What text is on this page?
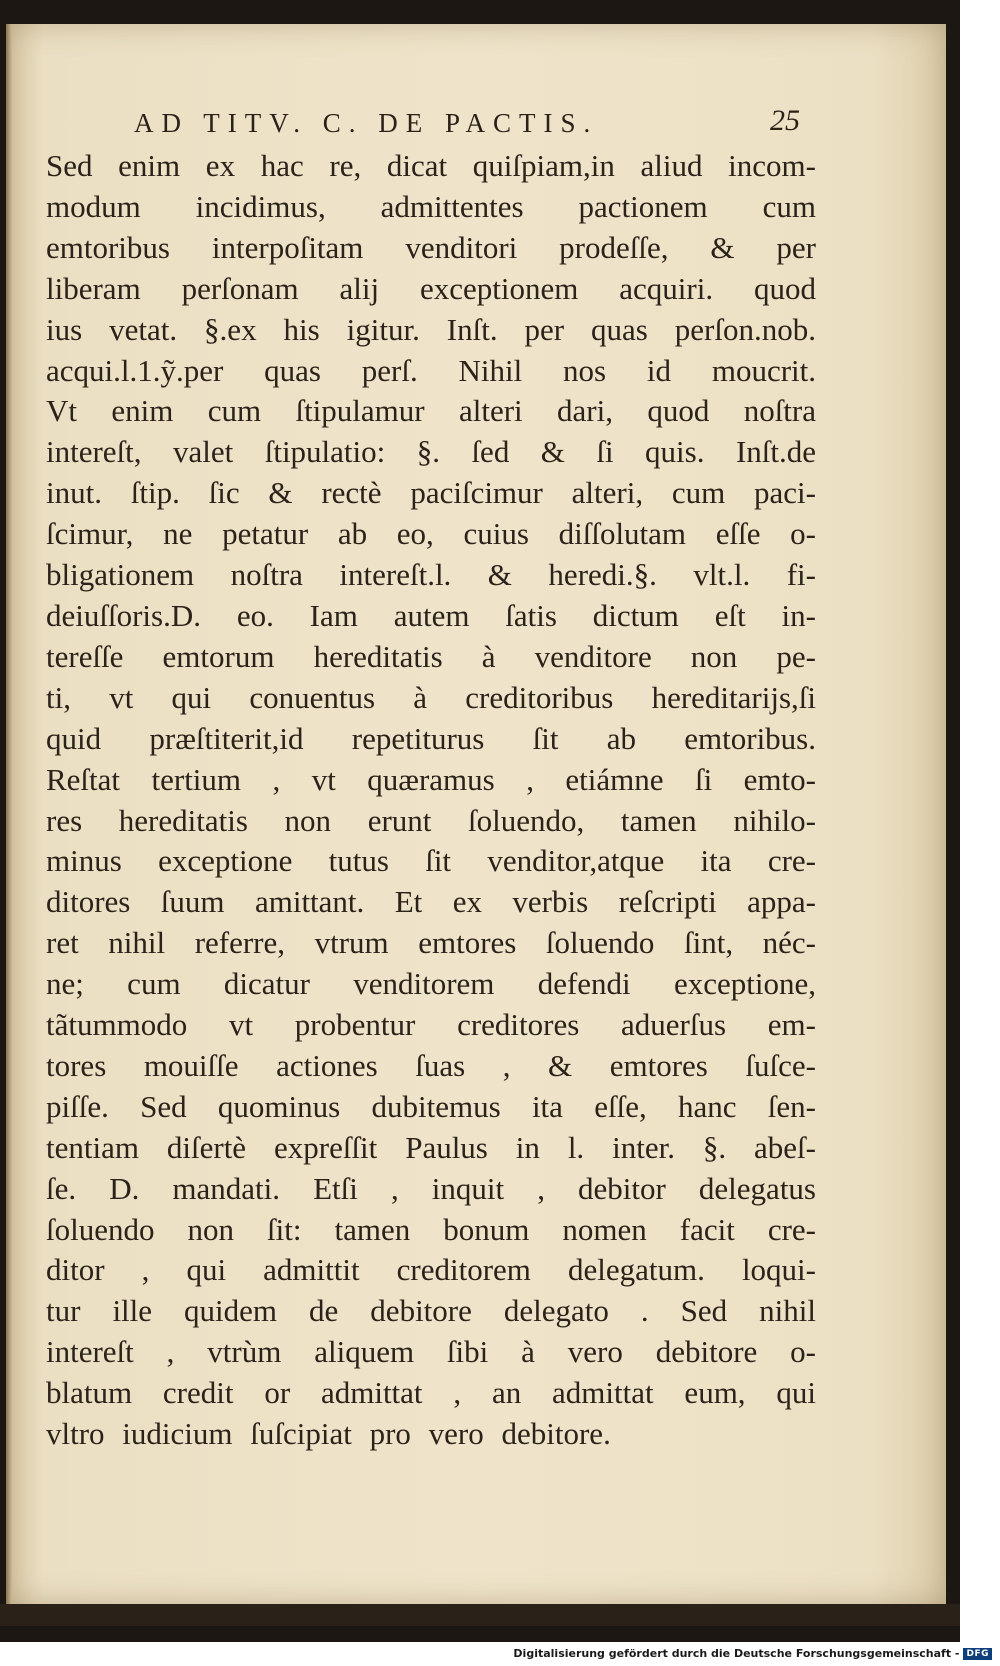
AD TITV. C. DE PACTIS.	25
Sed enim ex hac re, dicat quiſpiam,in aliud incom-
modum incidimus, admittentes pactionem cum
emtoribus interpoſitam venditori prodeſſe, & per
liberam perſonam alij exceptionem acquiri. quod
ius vetat. §.ex his igitur. Inſt. per quas perſon.nob.
acqui.l.1.ỹ.per quas perſ. Nihil nos id moucrit.
Vt enim cum ſtipulamur alteri dari, quod noſtra
intereſt, valet ſtipulatio: §. ſed & ſi quis. Inſt.de
inut. ſtip. ſic & rectè paciſcimur alteri, cum paci-
ſcimur, ne petatur ab eo, cuius diſſolutam eſſe o-
bligationem noſtra intereſt.l. & heredi.§. vlt.l. fi-
deiuſſoris.D. eo. Iam autem ſatis dictum eſt in-
tereſſe emtorum hereditatis à venditore non pe-
ti, vt qui conuentus à creditoribus hereditarijs,ſi
quid præſtiterit,id repetiturus ſit ab emtoribus.
Reſtat tertium , vt quæramus , etiámne ſi emto-
res hereditatis non erunt ſoluendo, tamen nihilo-
minus exceptione tutus ſit venditor,atque ita cre-
ditores ſuum amittant. Et ex verbis reſcripti appa-
ret nihil referre, vtrum emtores ſoluendo ſint, néc-
ne; cum dicatur venditorem defendi exceptione,
tãtummodo vt probentur creditores aduerſus em-
tores mouiſſe actiones ſuas , & emtores ſuſce-
piſſe. Sed quominus dubitemus ita eſſe, hanc ſen-
tentiam diſertè expreſſit Paulus in l. inter. §. abeſ-
ſe. D. mandati. Etſi , inquit , debitor delegatus
ſoluendo non ſit: tamen bonum nomen facit cre-
ditor , qui admittit creditorem delegatum. loqui-
tur ille quidem de debitore delegato . Sed nihil
intereſt , vtrùm aliquem ſibi à vero debitore o-
blatum credit or admittat , an admittat eum, qui
vltro iudicium ſuſcipiat pro vero debitore.
Digitalisierung gefördert durch die Deutsche Forschungsgemeinschaft - DFG
